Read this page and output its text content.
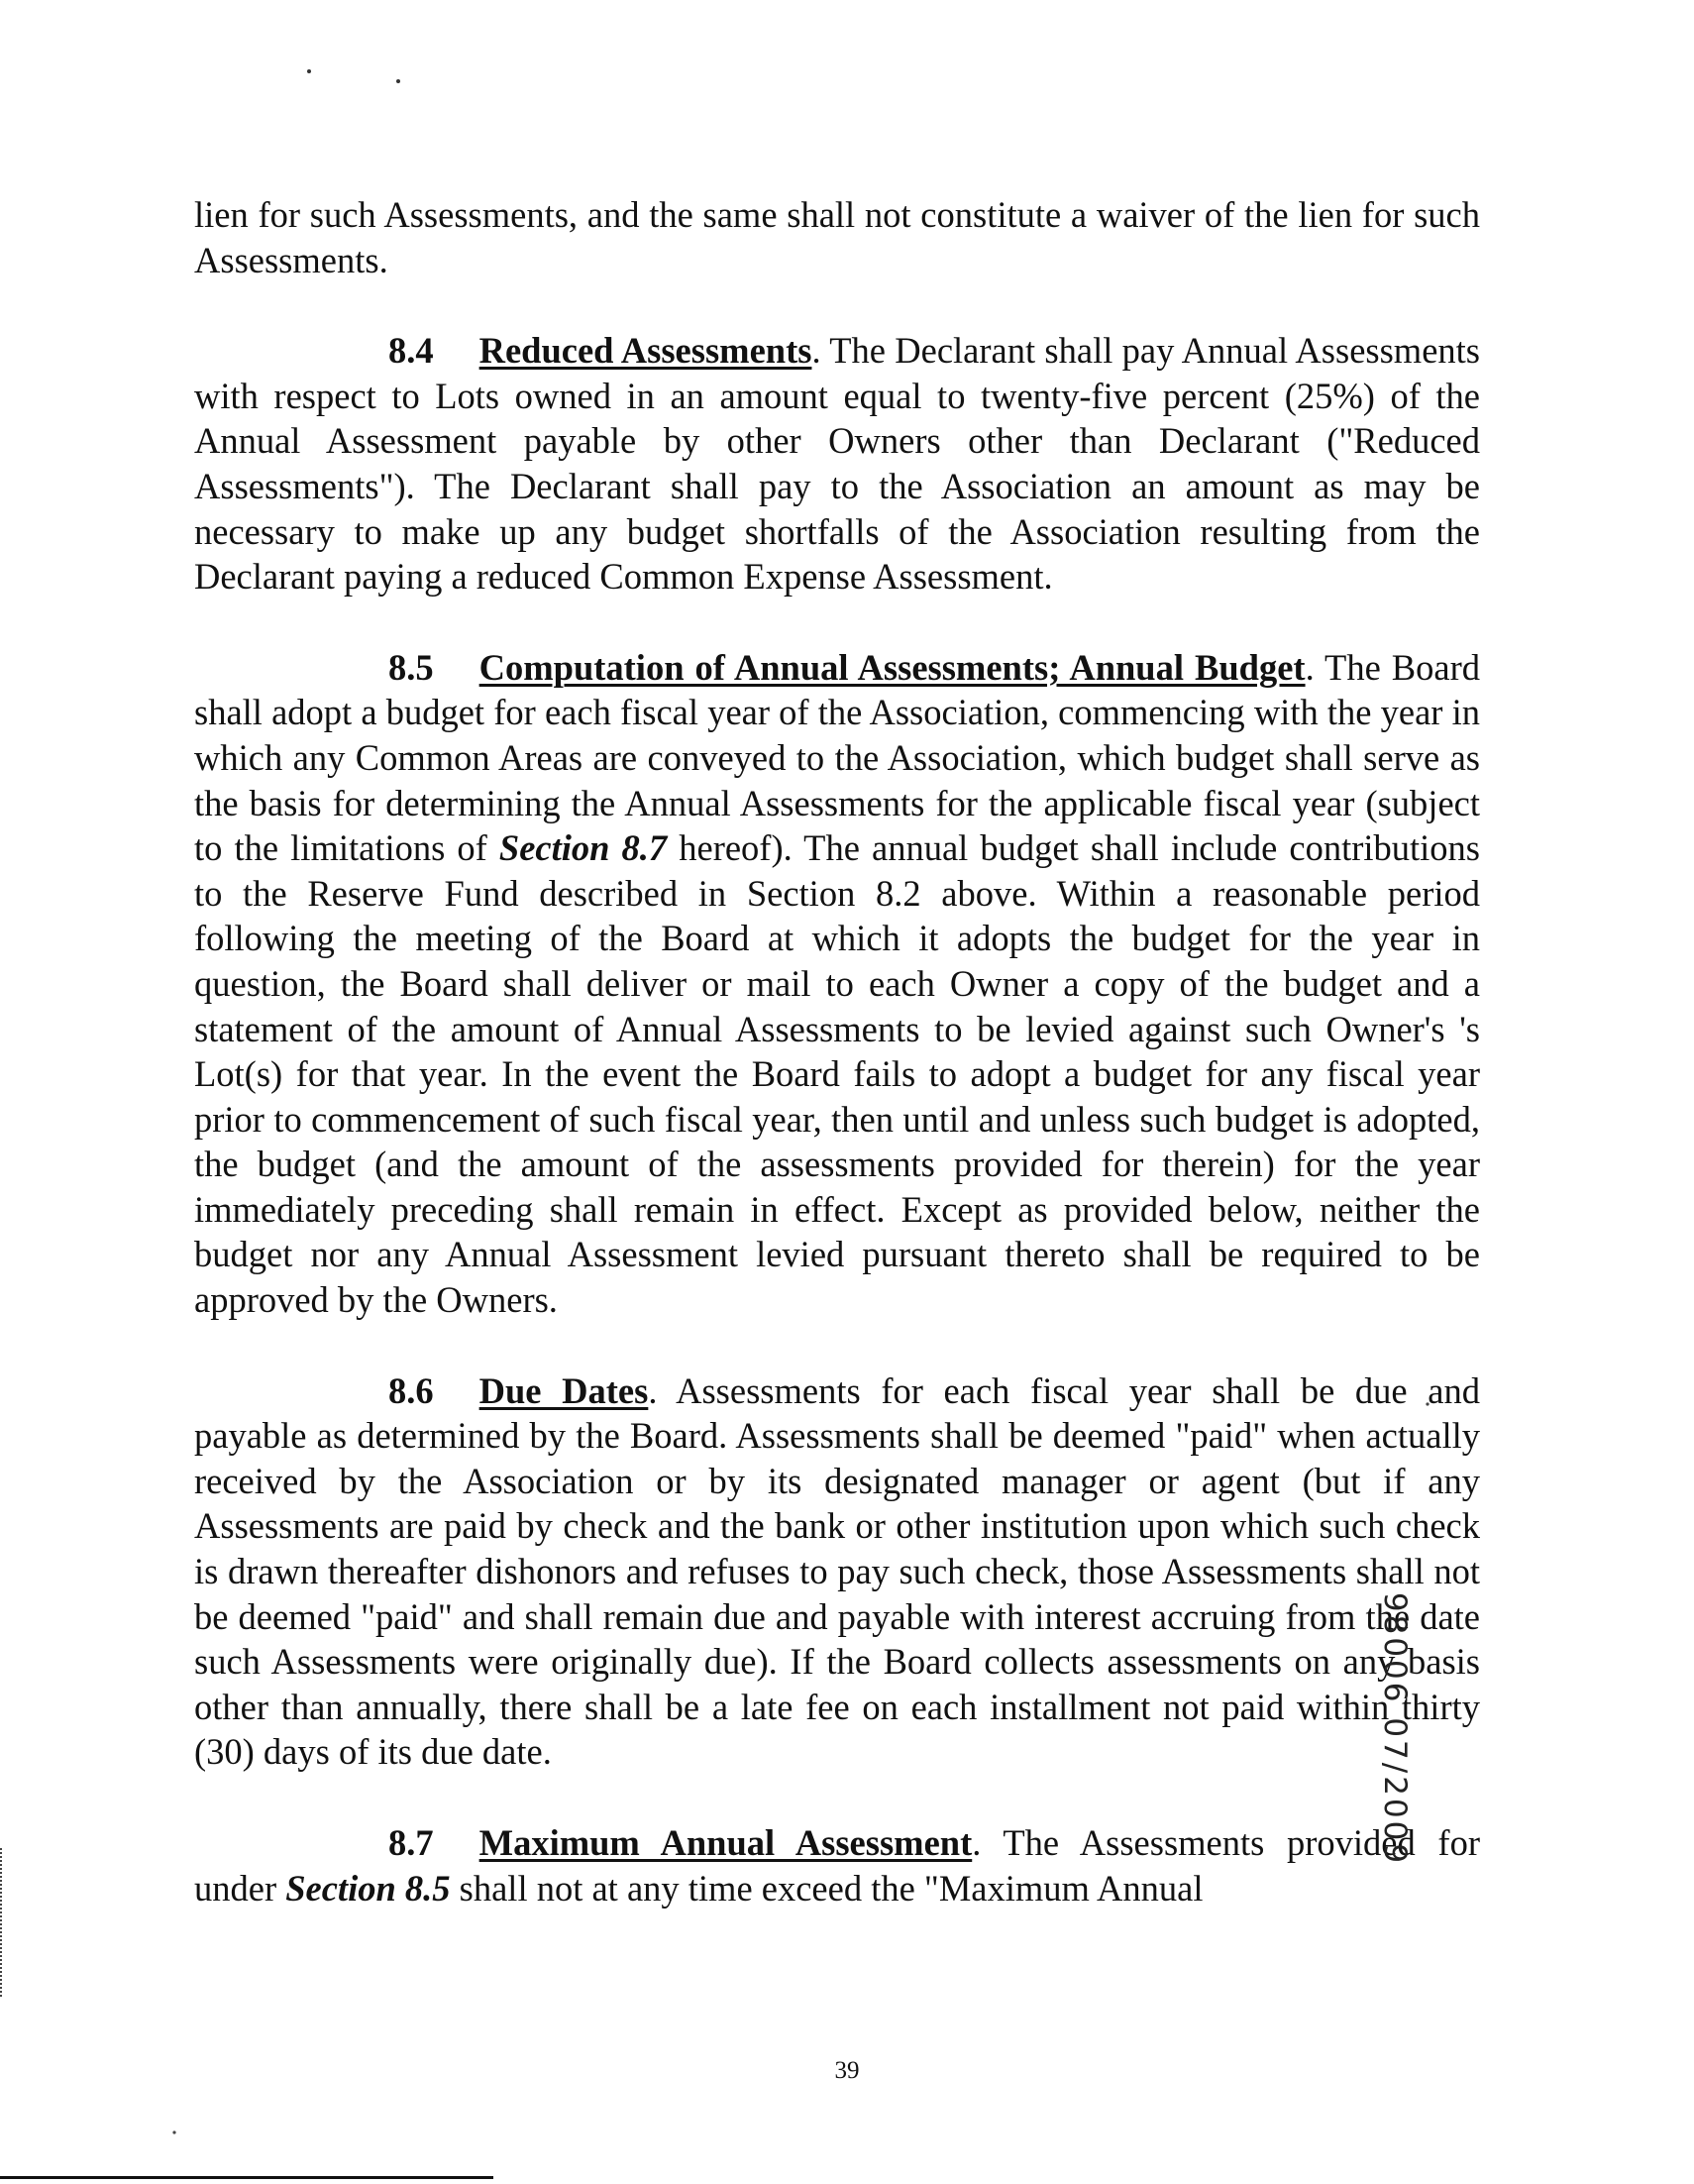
lien for such Assessments, and the same shall not constitute a waiver of the lien for such Assessments.

8.4 Reduced Assessments. The Declarant shall pay Annual Assessments with respect to Lots owned in an amount equal to twenty-five percent (25%) of the Annual Assessment payable by other Owners other than Declarant ("Reduced Assessments"). The Declarant shall pay to the Association an amount as may be necessary to make up any budget shortfalls of the Association resulting from the Declarant paying a reduced Common Expense Assessment.

8.5 Computation of Annual Assessments; Annual Budget. The Board shall adopt a budget for each fiscal year of the Association, commencing with the year in which any Common Areas are conveyed to the Association, which budget shall serve as the basis for determining the Annual Assessments for the applicable fiscal year (subject to the limitations of Section 8.7 hereof). The annual budget shall include contributions to the Reserve Fund described in Section 8.2 above. Within a reasonable period following the meeting of the Board at which it adopts the budget for the year in question, the Board shall deliver or mail to each Owner a copy of the budget and a statement of the amount of Annual Assessments to be levied against such Owner's 's Lot(s) for that year. In the event the Board fails to adopt a budget for any fiscal year prior to commencement of such fiscal year, then until and unless such budget is adopted, the budget (and the amount of the assessments provided for therein) for the year immediately preceding shall remain in effect. Except as provided below, neither the budget nor any Annual Assessment levied pursuant thereto shall be required to be approved by the Owners.

8.6 Due Dates. Assessments for each fiscal year shall be due and payable as determined by the Board. Assessments shall be deemed "paid" when actually received by the Association or by its designated manager or agent (but if any Assessments are paid by check and the bank or other institution upon which such check is drawn thereafter dishonors and refuses to pay such check, those Assessments shall not be deemed "paid" and shall remain due and payable with interest accruing from the date such Assessments were originally due). If the Board collects assessments on any basis other than annually, there shall be a late fee on each installment not paid within thirty (30) days of its due date.

8.7 Maximum Annual Assessment. The Assessments provided for under Section 8.5 shall not at any time exceed the "Maximum Annual

98006 07/2009
39
